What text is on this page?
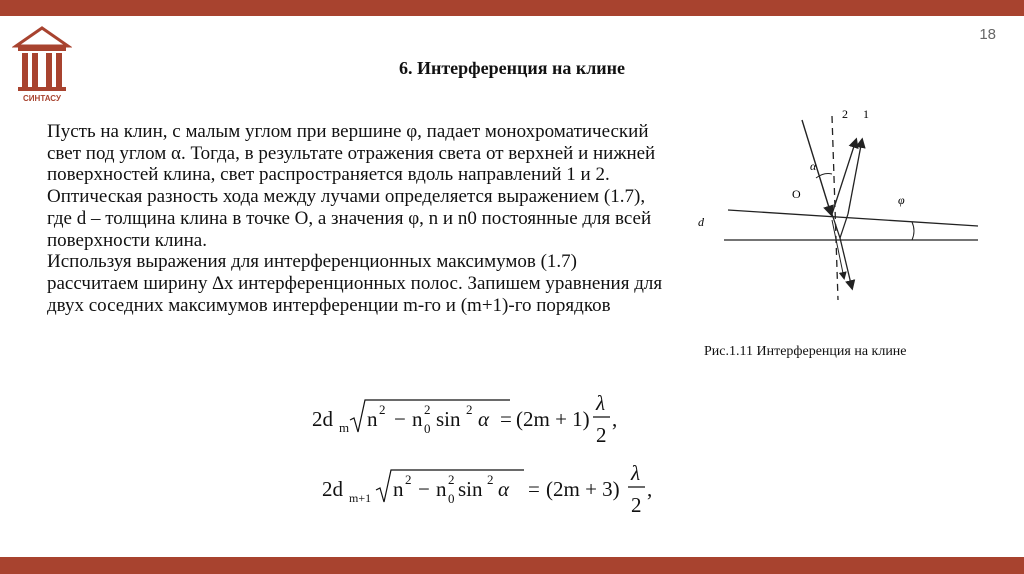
18
СИНТАСУ
6. Интерференция на клине

Пусть на клин, с малым углом при вершине φ, падает монохроматический свет под углом α. Тогда, в результате отражения света от верхней и нижней поверхностей клина, свет распространяется вдоль направлений 1 и 2. Оптическая разность хода между лучами определяется выражением (1.7), где d – толщина клина в точке O, а значения φ, n и n0 постоянные для всей поверхности клина.

Используя выражения для интерференционных максимумов (1.7) рассчитаем ширину ∆x интерференционных полос. Запишем уравнения для двух соседних максимумов интерференции m-го и (m+1)-го порядков

2d m n 2 − n 2
0 sin 2 α = (2m + 1)
λ
2
,
2d m+1 n 2 − n 2
0 sin 2 α = (2m + 3)
λ
2
,
2 1
α
O	φ
d
Рис.1.11 Интерференция на клине
